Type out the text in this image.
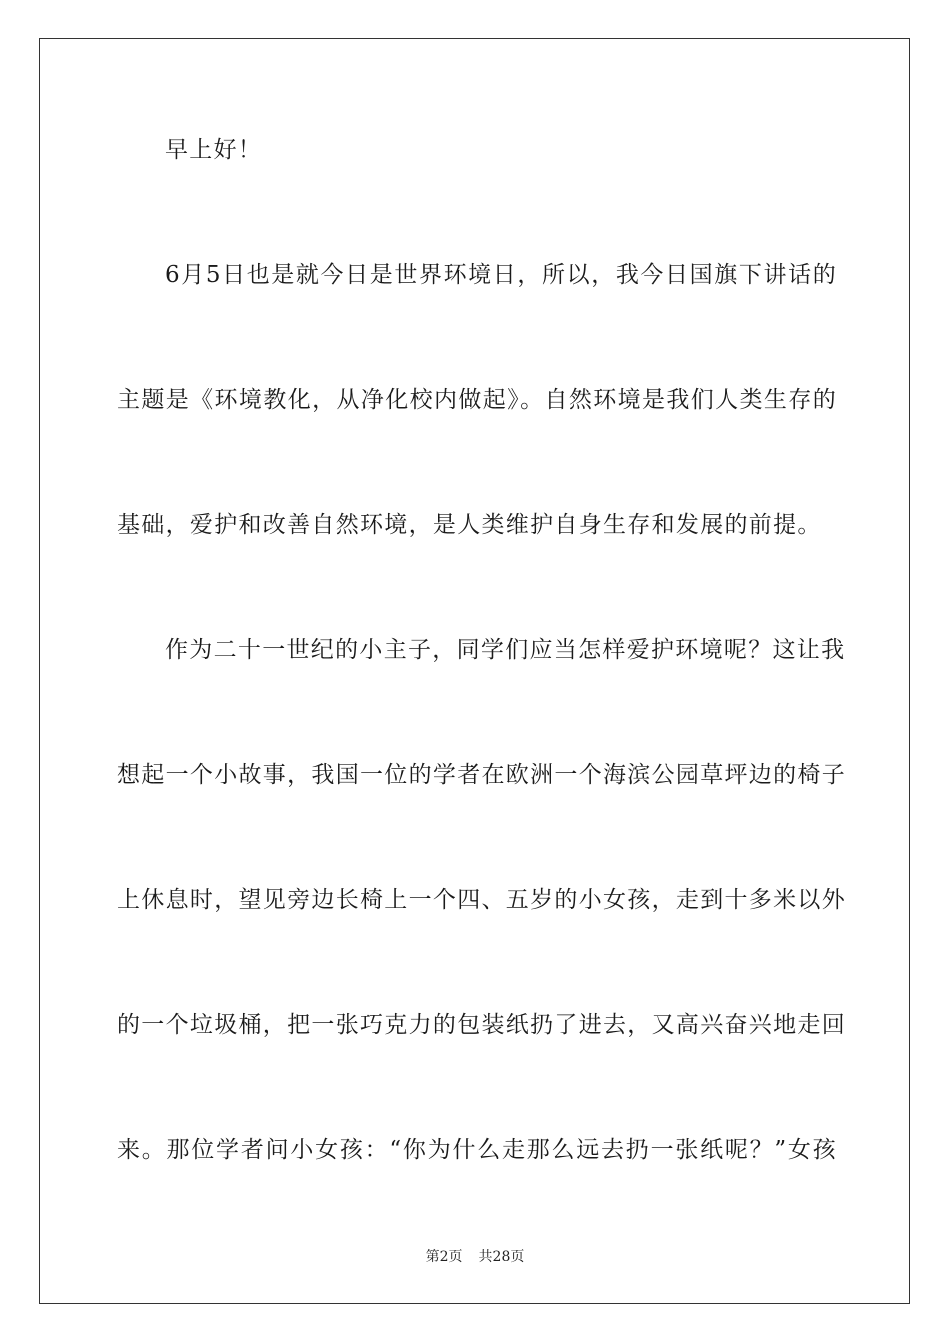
早上好！
6月5日也是就今日是世界环境日，所以，我今日国旗下讲话的
主题是《环境教化，从净化校内做起》。自然环境是我们人类生存的
基础，爱护和改善自然环境，是人类维护自身生存和发展的前提。
作为二十一世纪的小主子，同学们应当怎样爱护环境呢？这让我
想起一个小故事，我国一位的学者在欧洲一个海滨公园草坪边的椅子
上休息时，望见旁边长椅上一个四、五岁的小女孩，走到十多米以外
的一个垃圾桶，把一张巧克力的包装纸扔了进去，又高兴奋兴地走回
来。那位学者问小女孩：“你为什么走那么远去扔一张纸呢？”女孩
第2页 共28页
